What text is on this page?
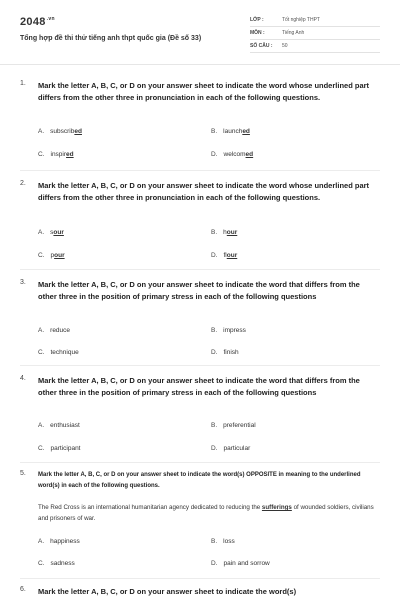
$2048^{.vn}$
Tổng hợp đề thi thử tiếng anh thpt quốc gia (Đề số 33)
LỚP :	Tốt nghiệp THPT
MÔN :	Tiếng Anh
SỐ CÂU :	50
1. Mark the letter A, B, C, or D on your answer sheet to indicate the word whose underlined part differs from the other three in pronunciation in each of the following questions.
A. subscribed	B. launched
C. inspired	D. welcomed
2. Mark the letter A, B, C, or D on your answer sheet to indicate the word whose underlined part differs from the other three in pronunciation in each of the following questions.
A. sour	B. hour
C. pour	D. flour
3. Mark the letter A, B, C, or D on your answer sheet to indicate the word that differs from the other three in the position of primary stress in each of the following questions
A. reduce	B. impress
C. technique	D. finish
4. Mark the letter A, B, C, or D on your answer sheet to indicate the word that differs from the other three in the position of primary stress in each of the following questions
A. enthusiast	B. preferential
C. participant	D. particular
5. Mark the letter A, B, C, or D on your answer sheet to indicate the word(s) OPPOSITE in meaning to the underlined word(s) in each of the following questions.
The Red Cross is an international humanitarian agency dedicated to reducing the sufferings of wounded soldiers, civilians and prisoners of war.
A. happiness	B. loss
C. sadness	D. pain and sorrow
6. Mark the letter A, B, C, or D on your answer sheet to indicate the word(s)
